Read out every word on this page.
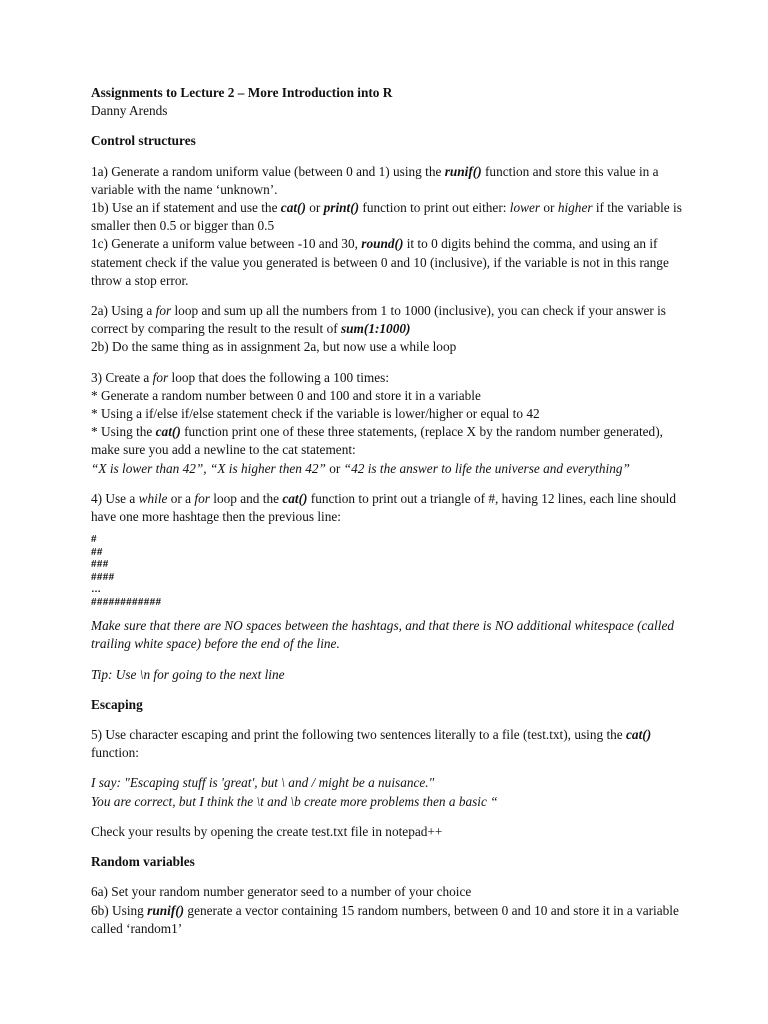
Assignments to Lecture 2 – More Introduction into R

Danny Arends

Control structures

1a) Generate a random uniform value (between 0 and 1) using the runif() function and store this value in a variable with the name ‘unknown’.

1b) Use an if statement and use the cat() or print() function to print out either: lower or higher if the variable is smaller then 0.5 or bigger than 0.5

1c) Generate a uniform value between -10 and 30, round() it to 0 digits behind the comma, and using an if statement check if the value you generated is between 0 and 10 (inclusive), if the variable is not in this range throw a stop error.

2a) Using a for loop and sum up all the numbers from 1 to 1000 (inclusive), you can check if your answer is correct by comparing the result to the result of sum(1:1000)

2b) Do the same thing as in assignment 2a, but now use a while loop

3) Create a for loop that does the following a 100 times:

* Generate a random number between 0 and 100 and store it in a variable

* Using a if/else if/else statement check if the variable is lower/higher or equal to 42

* Using the cat() function print one of these three statements, (replace X by the random number generated), make sure you add a newline to the cat statement:

“X is lower than 42”, “X is higher then 42” or “42 is the answer to life the universe and everything”

4) Use a while or a for loop and the cat() function to print out a triangle of #, having 12 lines, each line should have one more hashtage then the previous line:

#

##

###

####

…

############

Make sure that there are NO spaces between the hashtags, and that there is NO additional whitespace (called trailing white space) before the end of the line.

Tip: Use \n for going to the next line

Escaping

5) Use character escaping and print the following two sentences literally to a file (test.txt), using the cat() function:

I say: "Escaping stuff is 'great', but \ and / might be a nuisance."

You are correct, but I think the \t and \b create more problems then a basic “

Check your results by opening the create test.txt file in notepad++

Random variables

6a) Set your random number generator seed to a number of your choice

6b) Using runif() generate a vector containing 15 random numbers, between 0 and 10 and store it in a variable called ‘random1’
